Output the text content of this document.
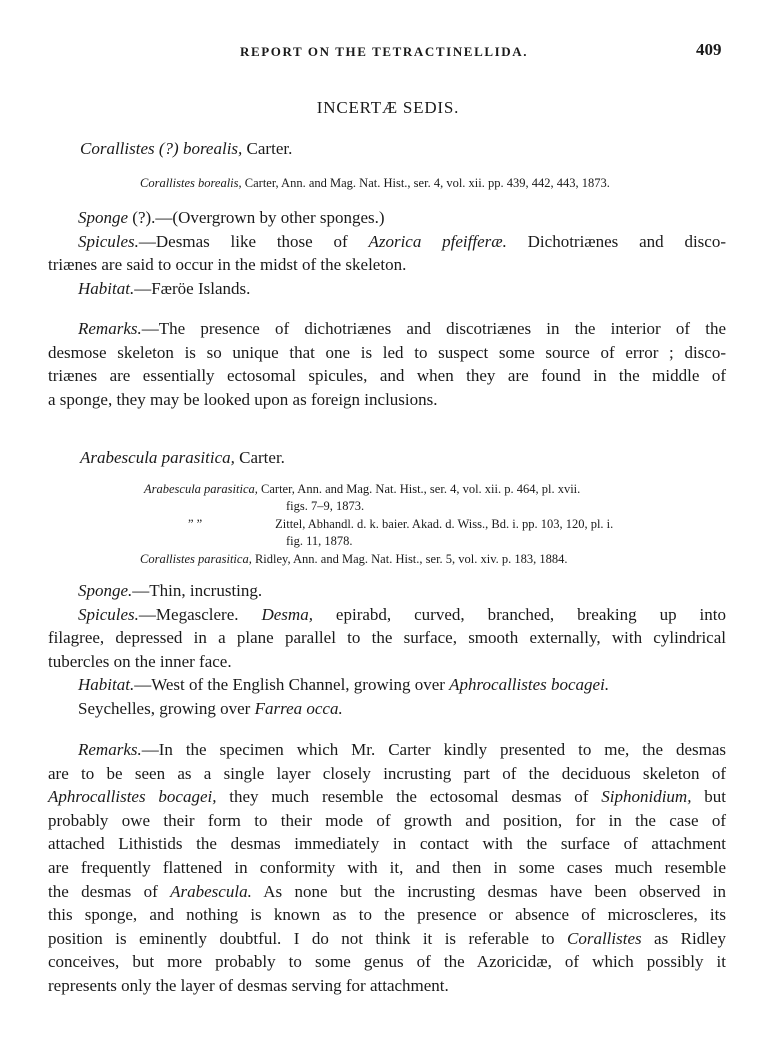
REPORT ON THE TETRACTINELLIDA.	409
INCERTÆ SEDIS.
Corallistes (?) borealis, Carter.
Corallistes borealis, Carter, Ann. and Mag. Nat. Hist., ser. 4, vol. xii. pp. 439, 442, 443, 1873.
Sponge (?).—(Overgrown by other sponges.)
Spicules.—Desmas like those of Azorica pfeifferæ. Dichotriænes and disco-
triænes are said to occur in the midst of the skeleton.
Habitat.—Færöe Islands.
Remarks.—The presence of dichotriænes and discotriænes in the interior of the
desmose skeleton is so unique that one is led to suspect some source of error ; disco-
triænes are essentially ectosomal spicules, and when they are found in the middle of
a sponge, they may be looked upon as foreign inclusions.
Arabescula parasitica, Carter.
Arabescula parasitica, Carter, Ann. and Mag. Nat. Hist., ser. 4, vol. xii. p. 464, pl. xvii.
figs. 7–9, 1873.
” ”	Zittel, Abhandl. d. k. baier. Akad. d. Wiss., Bd. i. pp. 103, 120, pl. i.
fig. 11, 1878.
Corallistes parasitica, Ridley, Ann. and Mag. Nat. Hist., ser. 5, vol. xiv. p. 183, 1884.
Sponge.—Thin, incrusting.
Spicules.—Megasclere. Desma, epirabd, curved, branched, breaking up into
filagree, depressed in a plane parallel to the surface, smooth externally, with cylindrical
tubercles on the inner face.
Habitat.—West of the English Channel, growing over Aphrocallistes bocagei.
Seychelles, growing over Farrea occa.
Remarks.—In the specimen which Mr. Carter kindly presented to me, the desmas
are to be seen as a single layer closely incrusting part of the deciduous skeleton of
Aphrocallistes bocagei, they much resemble the ectosomal desmas of Siphonidium, but
probably owe their form to their mode of growth and position, for in the case of
attached Lithistids the desmas immediately in contact with the surface of attachment
are frequently flattened in conformity with it, and then in some cases much resemble
the desmas of Arabescula. As none but the incrusting desmas have been observed in
this sponge, and nothing is known as to the presence or absence of microscleres, its
position is eminently doubtful. I do not think it is referable to Corallistes as Ridley
conceives, but more probably to some genus of the Azoricidæ, of which possibly it
represents only the layer of desmas serving for attachment.
